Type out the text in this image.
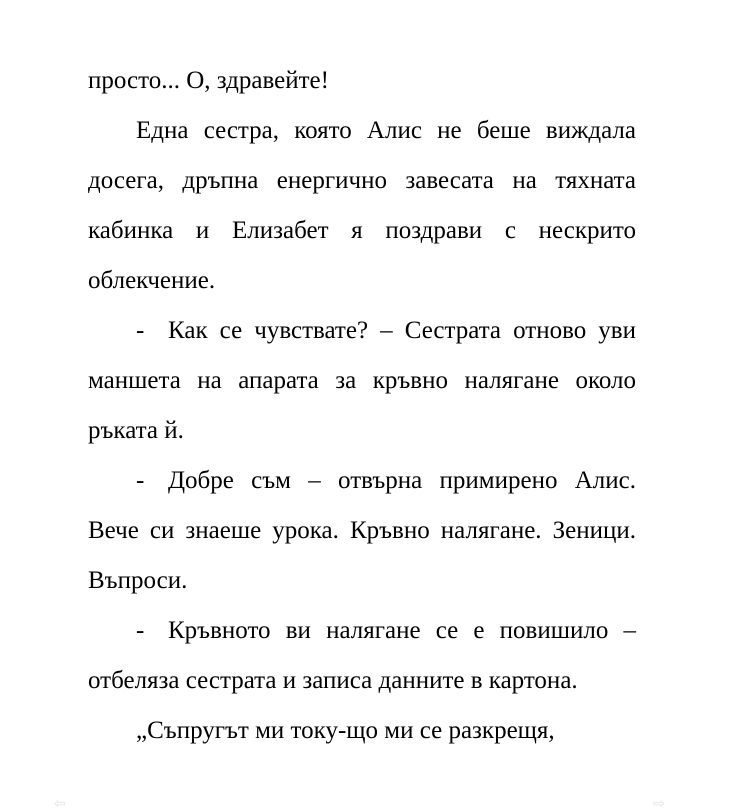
просто... О, здравейте!

Една сестра, която Алис не беше виждала досега, дръпна енергично завесата на тяхната кабинка и Елизабет я поздрави с нескрито облекчение.

- Как се чувствате? – Сестрата отново уви маншета на апарата за кръвно налягане около ръката й.

- Добре съм – отвърна примирено Алис. Вече си знаеше урока. Кръвно налягане. Зеници. Въпроси.

- Кръвното ви налягане се е повишило – отбеляза сестрата и записа данните в картона.

„Съпругът ми току-що ми се разкрещя,

⇦	⇨
